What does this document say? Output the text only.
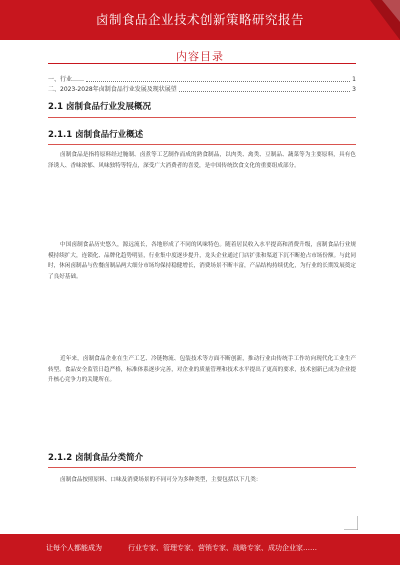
卤制食品企业技术创新策略研究报告
内容目录
一、行业……	1
二、2023-2028年卤制食品行业发展及现状展望	3
2.1 卤制食品行业发展概况
2.1.1 卤制食品行业概述
卤制食品是指将原料经过腌制、卤煮等工艺制作而成的熟食制品，以肉类、禽类、豆制品、蔬菜等为主要原料，具有色泽诱人、香味浓郁、风味独特等特点，深受广大消费者的喜爱，是中国传统饮食文化的重要组成部分。
中国卤制食品历史悠久，源远流长，各地形成了不同的风味特色。随着居民收入水平提高和消费升级，卤制食品行业规模持续扩大，连锁化、品牌化趋势明显，行业集中度逐步提升，龙头企业通过门店扩张和渠道下沉不断抢占市场份额。与此同时，休闲卤制品与佐餐卤制品两大细分市场均保持稳健增长，消费场景不断丰富，产品结构持续优化，为行业的长期发展奠定了良好基础。
近年来，卤制食品企业在生产工艺、冷链物流、包装技术等方面不断创新，推动行业由传统手工作坊向现代化工业生产转型。食品安全监管日趋严格，标准体系逐步完善，对企业的质量管理和技术水平提出了更高的要求，技术创新已成为企业提升核心竞争力的关键所在。
2.1.2 卤制食品分类简介
卤制食品按照原料、口味及消费场景的不同可分为多种类型，主要包括以下几类：
让每个人都能成为	行业专家、管理专家、营销专家、战略专家、成功企业家……
